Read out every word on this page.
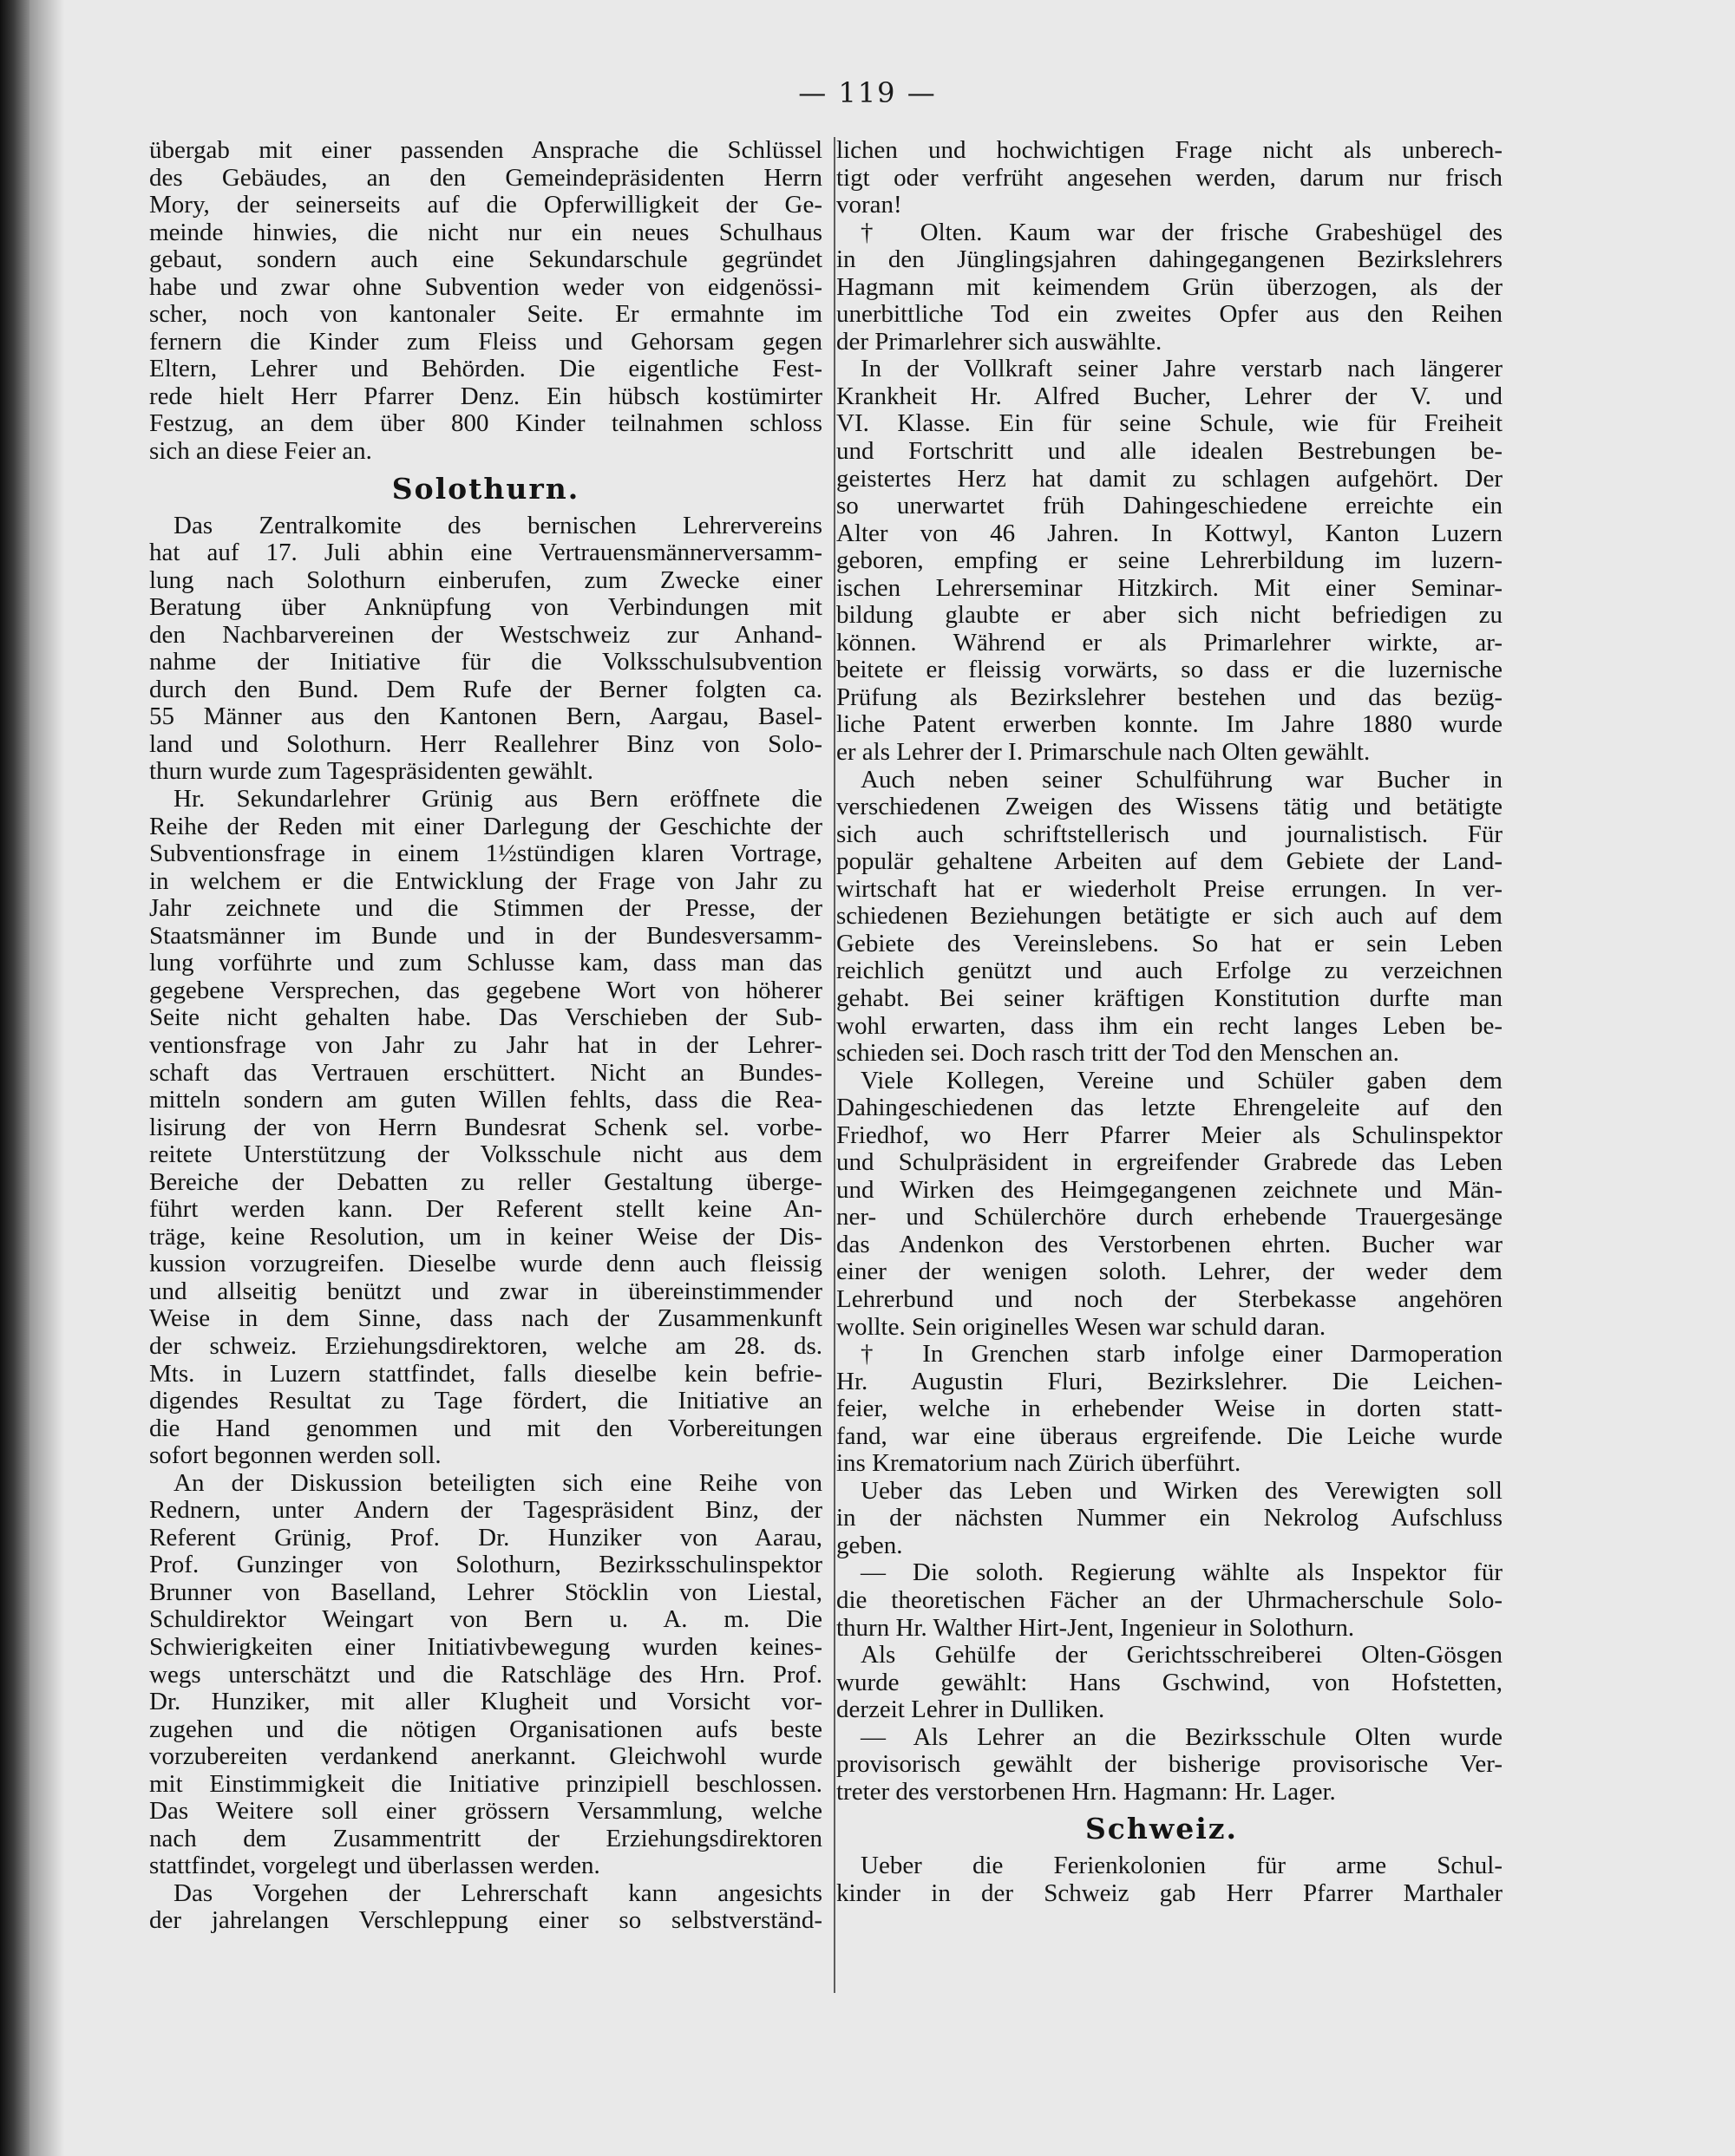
— 119 —
übergab mit einer passenden Ansprache die Schlüssel
des Gebäudes, an den Gemeindepräsidenten Herrn
Mory, der seinerseits auf die Opferwilligkeit der Ge-
meinde hinwies, die nicht nur ein neues Schulhaus
gebaut, sondern auch eine Sekundarschule gegründet
habe und zwar ohne Subvention weder von eidgenössi-
scher, noch von kantonaler Seite. Er ermahnte im
fernern die Kinder zum Fleiss und Gehorsam gegen
Eltern, Lehrer und Behörden. Die eigentliche Fest-
rede hielt Herr Pfarrer Denz. Ein hübsch kostümirter
Festzug, an dem über 800 Kinder teilnahmen schloss
sich an diese Feier an.
Solothurn.
Das Zentralkomite des bernischen Lehrervereins
hat auf 17. Juli abhin eine Vertrauensmännerversamm-
lung nach Solothurn einberufen, zum Zwecke einer
Beratung über Anknüpfung von Verbindungen mit
den Nachbarvereinen der Westschweiz zur Anhand-
nahme der Initiative für die Volksschulsubvention
durch den Bund. Dem Rufe der Berner folgten ca.
55 Männer aus den Kantonen Bern, Aargau, Basel-
land und Solothurn. Herr Reallehrer Binz von Solo-
thurn wurde zum Tagespräsidenten gewählt.
Hr. Sekundarlehrer Grünig aus Bern eröffnete die
Reihe der Reden mit einer Darlegung der Geschichte der
Subventionsfrage in einem 1½stündigen klaren Vortrage,
in welchem er die Entwicklung der Frage von Jahr zu
Jahr zeichnete und die Stimmen der Presse, der
Staatsmänner im Bunde und in der Bundesversamm-
lung vorführte und zum Schlusse kam, dass man das
gegebene Versprechen, das gegebene Wort von höherer
Seite nicht gehalten habe. Das Verschieben der Sub-
ventionsfrage von Jahr zu Jahr hat in der Lehrer-
schaft das Vertrauen erschüttert. Nicht an Bundes-
mitteln sondern am guten Willen fehlts, dass die Rea-
lisirung der von Herrn Bundesrat Schenk sel. vorbe-
reitete Unterstützung der Volksschule nicht aus dem
Bereiche der Debatten zu reller Gestaltung überge-
führt werden kann. Der Referent stellt keine An-
träge, keine Resolution, um in keiner Weise der Dis-
kussion vorzugreifen. Dieselbe wurde denn auch fleissig
und allseitig benützt und zwar in übereinstimmender
Weise in dem Sinne, dass nach der Zusammenkunft
der schweiz. Erziehungsdirektoren, welche am 28. ds.
Mts. in Luzern stattfindet, falls dieselbe kein befrie-
digendes Resultat zu Tage fördert, die Initiative an
die Hand genommen und mit den Vorbereitungen
sofort begonnen werden soll.
An der Diskussion beteiligten sich eine Reihe von
Rednern, unter Andern der Tagespräsident Binz, der
Referent Grünig, Prof. Dr. Hunziker von Aarau,
Prof. Gunzinger von Solothurn, Bezirksschulinspektor
Brunner von Baselland, Lehrer Stöcklin von Liestal,
Schuldirektor Weingart von Bern u. A. m. Die
Schwierigkeiten einer Initiativbewegung wurden keines-
wegs unterschätzt und die Ratschläge des Hrn. Prof.
Dr. Hunziker, mit aller Klugheit und Vorsicht vor-
zugehen und die nötigen Organisationen aufs beste
vorzubereiten verdankend anerkannt. Gleichwohl wurde
mit Einstimmigkeit die Initiative prinzipiell beschlossen.
Das Weitere soll einer grössern Versammlung, welche
nach dem Zusammentritt der Erziehungsdirektoren
stattfindet, vorgelegt und überlassen werden.
Das Vorgehen der Lehrerschaft kann angesichts
der jahrelangen Verschleppung einer so selbstverständ-
lichen und hochwichtigen Frage nicht als unberech-
tigt oder verfrüht angesehen werden, darum nur frisch
voran!
† Olten. Kaum war der frische Grabeshügel des
in den Jünglingsjahren dahingegangenen Bezirkslehrers
Hagmann mit keimendem Grün überzogen, als der
unerbittliche Tod ein zweites Opfer aus den Reihen
der Primarlehrer sich auswählte.
In der Vollkraft seiner Jahre verstarb nach längerer
Krankheit Hr. Alfred Bucher, Lehrer der V. und
VI. Klasse. Ein für seine Schule, wie für Freiheit
und Fortschritt und alle idealen Bestrebungen be-
geistertes Herz hat damit zu schlagen aufgehört. Der
so unerwartet früh Dahingeschiedene erreichte ein
Alter von 46 Jahren. In Kottwyl, Kanton Luzern
geboren, empfing er seine Lehrerbildung im luzern-
ischen Lehrerseminar Hitzkirch. Mit einer Seminar-
bildung glaubte er aber sich nicht befriedigen zu
können. Während er als Primarlehrer wirkte, ar-
beitete er fleissig vorwärts, so dass er die luzernische
Prüfung als Bezirkslehrer bestehen und das bezüg-
liche Patent erwerben konnte. Im Jahre 1880 wurde
er als Lehrer der I. Primarschule nach Olten gewählt.
Auch neben seiner Schulführung war Bucher in
verschiedenen Zweigen des Wissens tätig und betätigte
sich auch schriftstellerisch und journalistisch. Für
populär gehaltene Arbeiten auf dem Gebiete der Land-
wirtschaft hat er wiederholt Preise errungen. In ver-
schiedenen Beziehungen betätigte er sich auch auf dem
Gebiete des Vereinslebens. So hat er sein Leben
reichlich genützt und auch Erfolge zu verzeichnen
gehabt. Bei seiner kräftigen Konstitution durfte man
wohl erwarten, dass ihm ein recht langes Leben be-
schieden sei. Doch rasch tritt der Tod den Menschen an.
Viele Kollegen, Vereine und Schüler gaben dem
Dahingeschiedenen das letzte Ehrengeleite auf den
Friedhof, wo Herr Pfarrer Meier als Schulinspektor
und Schulpräsident in ergreifender Grabrede das Leben
und Wirken des Heimgegangenen zeichnete und Män-
ner- und Schülerchöre durch erhebende Trauergesänge
das Andenkon des Verstorbenen ehrten. Bucher war
einer der wenigen soloth. Lehrer, der weder dem
Lehrerbund und noch der Sterbekasse angehören
wollte. Sein originelles Wesen war schuld daran.
† In Grenchen starb infolge einer Darmoperation
Hr. Augustin Fluri, Bezirkslehrer. Die Leichen-
feier, welche in erhebender Weise in dorten statt-
fand, war eine überaus ergreifende. Die Leiche wurde
ins Krematorium nach Zürich überführt.
Ueber das Leben und Wirken des Verewigten soll
in der nächsten Nummer ein Nekrolog Aufschluss
geben.
— Die soloth. Regierung wählte als Inspektor für
die theoretischen Fächer an der Uhrmacherschule Solo-
thurn Hr. Walther Hirt-Jent, Ingenieur in Solothurn.
Als Gehülfe der Gerichtsschreiberei Olten-Gösgen
wurde gewählt: Hans Gschwind, von Hofstetten,
derzeit Lehrer in Dulliken.
— Als Lehrer an die Bezirksschule Olten wurde
provisorisch gewählt der bisherige provisorische Ver-
treter des verstorbenen Hrn. Hagmann: Hr. Lager.
Schweiz.
Ueber die Ferienkolonien für arme Schul-
kinder in der Schweiz gab Herr Pfarrer Marthaler
